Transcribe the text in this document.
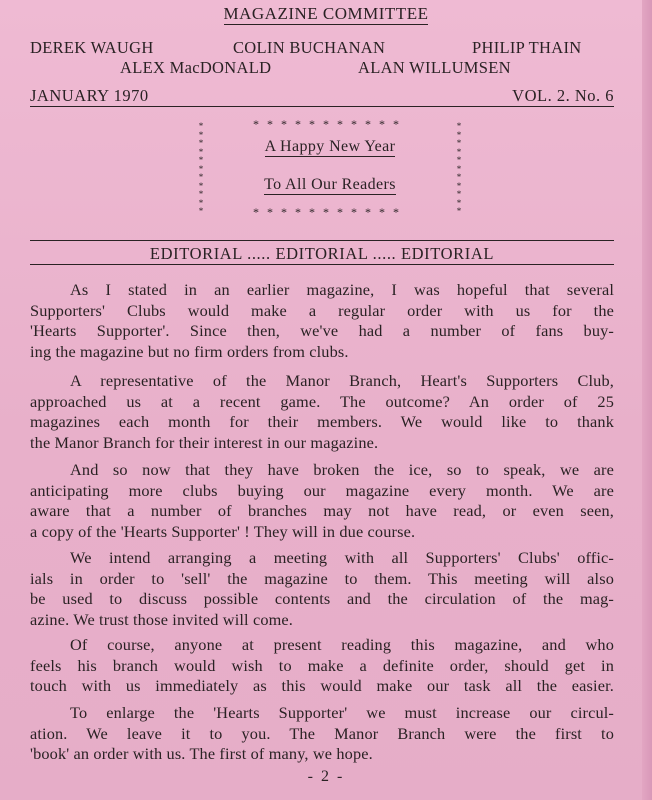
MAGAZINE COMMITTEE
DEREK WAUGH	COLIN BUCHANAN	PHILIP THAIN
ALEX MacDONALD	ALAN WILLUMSEN
JANUARY 1970	VOL. 2. No. 6
***********
***********
*
*
*
*
*
*
*
*
*
*
*
*
*
*
*
*
*
*
*
*
*
*
A Happy New Year
To All Our Readers
EDITORIAL ..... EDITORIAL ..... EDITORIAL
As I stated in an earlier magazine, I was hopeful that several
Supporters' Clubs would make a regular order with us for the
'Hearts Supporter'. Since then, we've had a number of fans buy-
ing the magazine but no firm orders from clubs.
A representative of the Manor Branch, Heart's Supporters Club,
approached us at a recent game. The outcome? An order of 25
magazines each month for their members. We would like to thank
the Manor Branch for their interest in our magazine.
And so now that they have broken the ice, so to speak, we are
anticipating more clubs buying our magazine every month. We are
aware that a number of branches may not have read, or even seen,
a copy of the 'Hearts Supporter' ! They will in due course.
We intend arranging a meeting with all Supporters' Clubs' offic-
ials in order to 'sell' the magazine to them. This meeting will also
be used to discuss possible contents and the circulation of the mag-
azine. We trust those invited will come.
Of course, anyone at present reading this magazine, and who
feels his branch would wish to make a definite order, should get in
touch with us immediately as this would make our task all the easier.
To enlarge the 'Hearts Supporter' we must increase our circul-
ation. We leave it to you. The Manor Branch were the first to
'book' an order with us. The first of many, we hope.
- 2 -
